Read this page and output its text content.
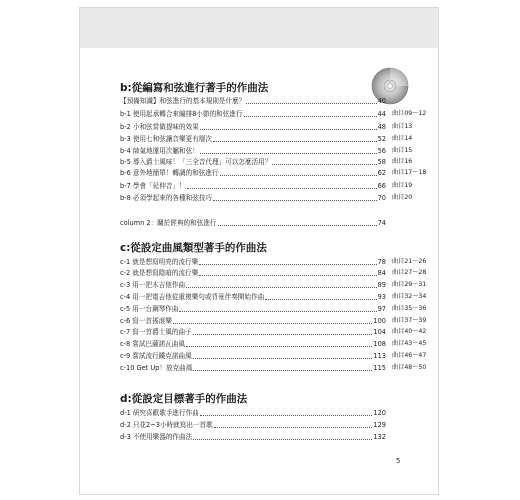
b:從編寫和弦進行著手的作曲法
【預備知識】和弦進行的基本規則是什麼？	40
b-1 使用起承轉合來編排8小節的和弦進行	44 曲目09～12
b-2 小和弦當做提味的效果	48 曲目13
b-3 使用七和弦讓音樂更有層次	52 曲目14
b-4 帥氣地運用次屬和弦！	56 曲目15
b-5 導入爵士風味！「三全音代理」可以怎麼活用？	58 曲目16
b-6 意外地簡單！轉調的和弦進行	62 曲目17～18
b-7 學會「延伸音」！	66 曲目19
b-8 必須學起來的各種和弦技巧	70 曲目20
column 2：關於經典的和弦進行	74
c:從設定曲風類型著手的作曲法
c-1 就是想寫明亮的流行樂	78 曲目21～26
c-2 就是想寫陰暗的流行樂	84 曲目27～28
c-3 用一把木吉他作曲	89 曲目29～31
c-4 用一把電吉他從重複樂句或背景伴奏開始作曲	93 曲目32～34
c-5 用一台鋼琴作曲	97 曲目35～36
c-6 寫一首搖滾樂	100 曲目37～39
c-7 寫一首爵士風的曲子	104 曲目40～42
c-8 嘗試巴薩諾瓦曲風	108 曲目43～45
c-9 嘗試流行鐵克諾曲風	113 曲目46～47
c-10 Get Up！放克曲風	115 曲目48～50
d:從設定目標著手的作曲法
d-1 研究喜歡歌手進行作曲	120
d-2 只花2~3小時就寫出一首歌	129
d-3 不使用樂器的作曲法	132
5
